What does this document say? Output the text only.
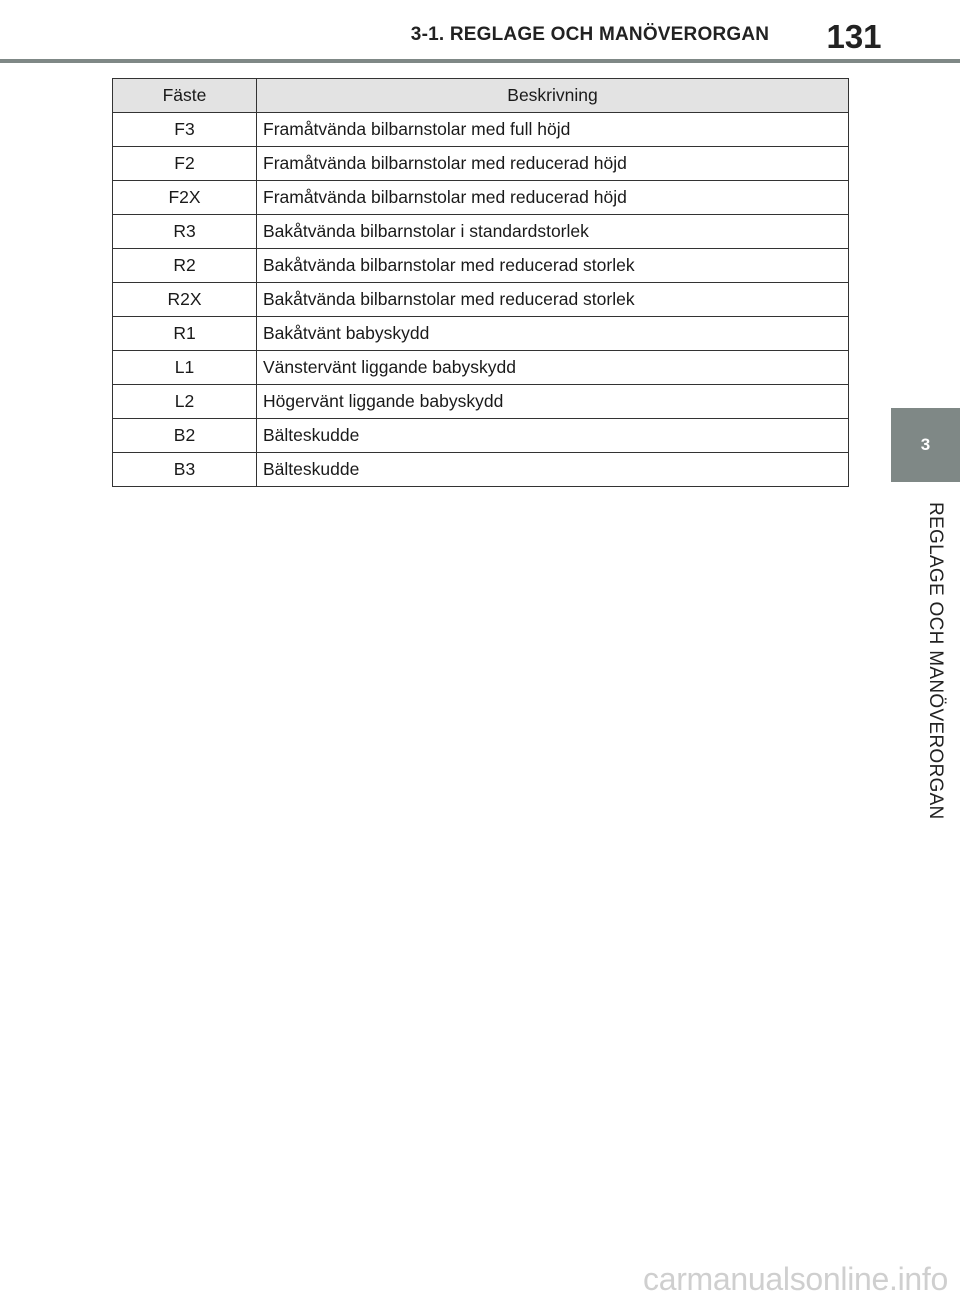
3-1. REGLAGE OCH MANÖVERORGAN	131
3
REGLAGE OCH MANÖVERORGAN
Fäste	Beskrivning
F3	Framåtvända bilbarnstolar med full höjd
F2	Framåtvända bilbarnstolar med reducerad höjd
F2X	Framåtvända bilbarnstolar med reducerad höjd
R3	Bakåtvända bilbarnstolar i standardstorlek
R2	Bakåtvända bilbarnstolar med reducerad storlek
R2X	Bakåtvända bilbarnstolar med reducerad storlek
R1	Bakåtvänt babyskydd
L1	Vänstervänt liggande babyskydd
L2	Högervänt liggande babyskydd
B2	Bälteskudde
B3	Bälteskudde
carmanualsonline.info
